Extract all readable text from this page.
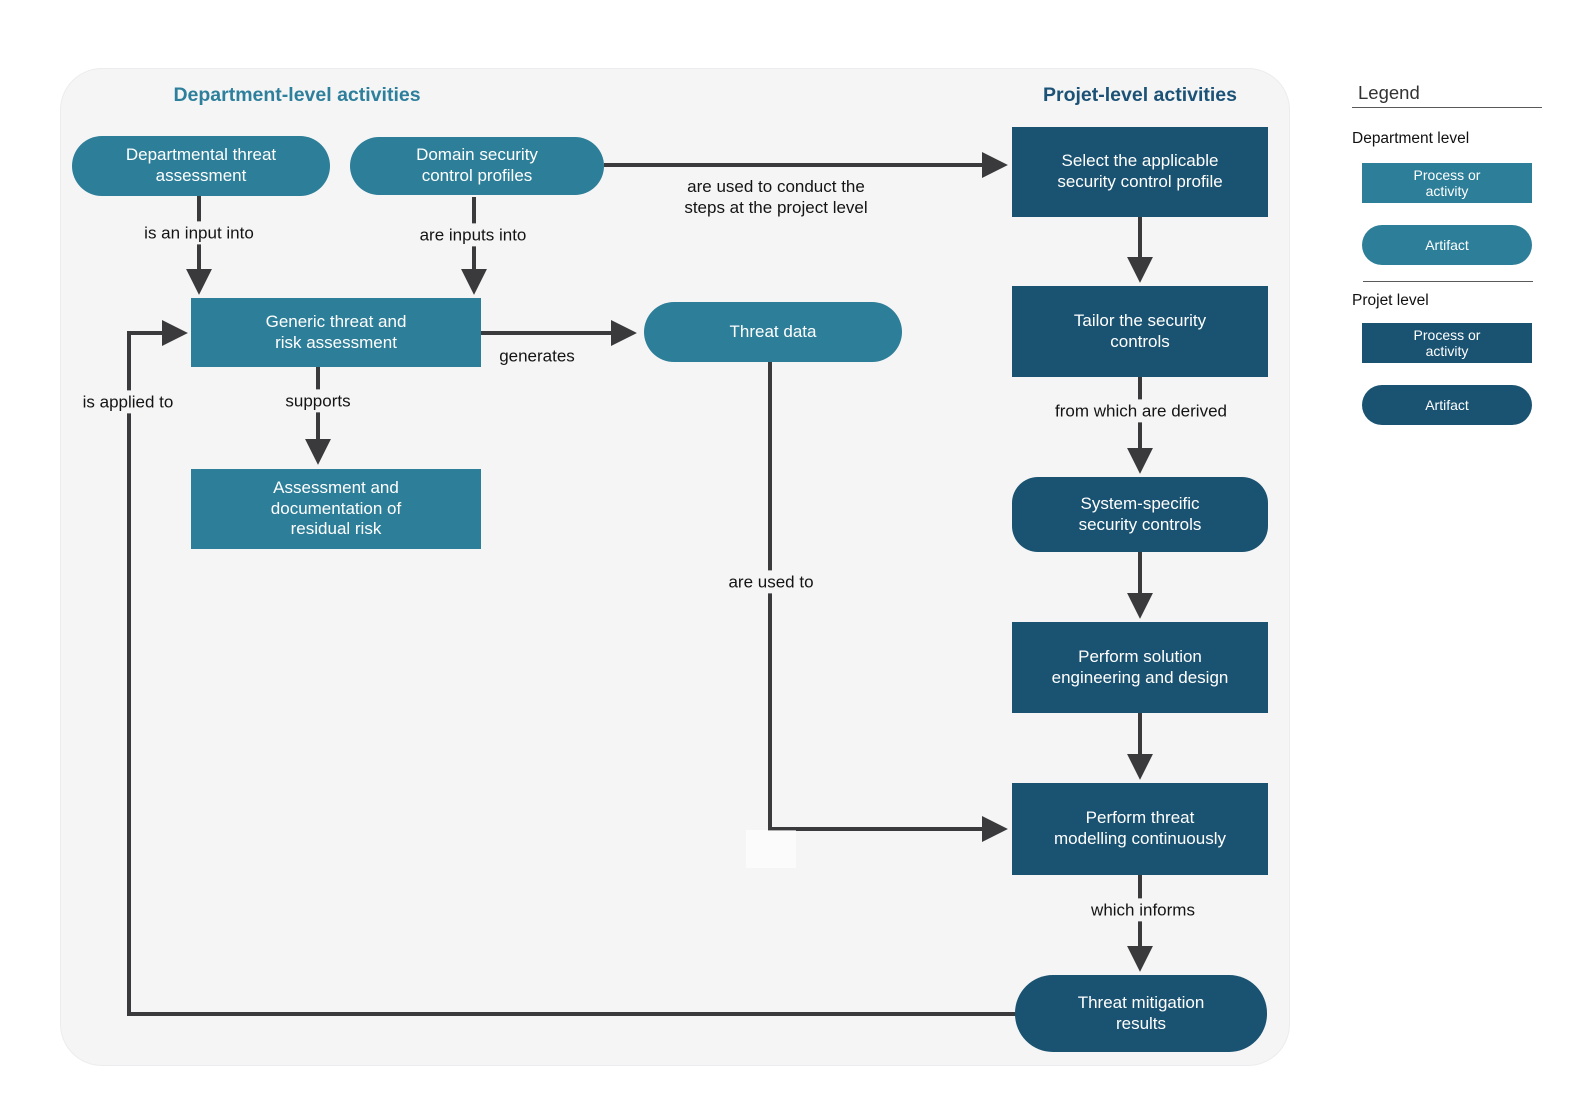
Department-level activities	Projet-level activities
Departmental threat assessment
Domain security control profiles
Generic threat and risk assessment
Assessment and documentation of residual risk
Threat data
Select the applicable security control profile
Tailor the security controls
System-specific security controls
Perform solution engineering and design
Perform threat modelling continuously
Threat mitigation results
is an input into	are inputs into
are used to conduct the steps at the project level
generates
supports
is applied to
are used to
from which are derived
which informs
Legend
Department level
Process or activity
Artifact
Projet level
Process or activity
Artifact
